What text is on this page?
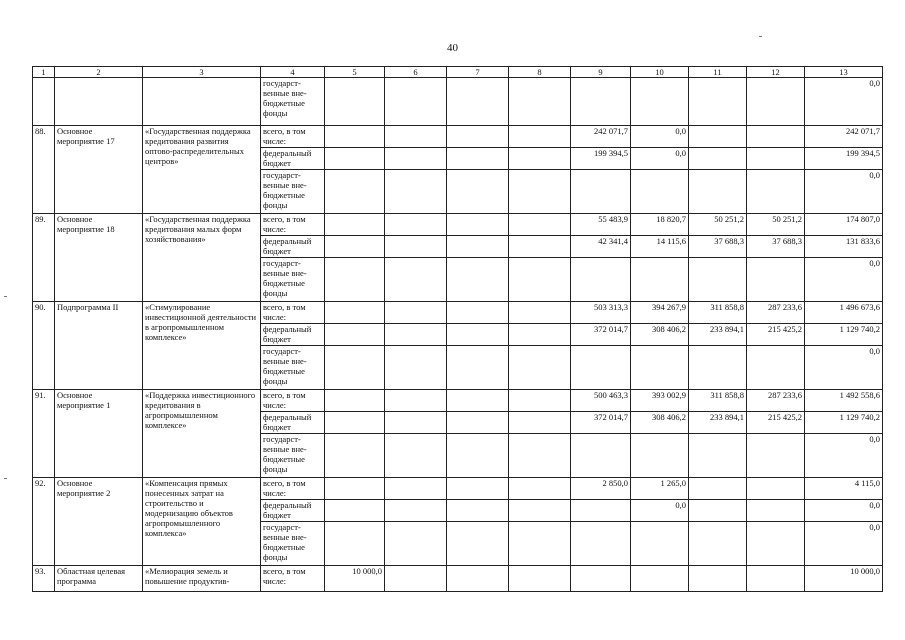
40
1	2	3	4	5	6	7	8	9	10	11	12	13
			государст-венные вне-бюджетные фонды									0,0
88.	Основное мероприятие 17	«Государственная поддержка кредитования развития оптово-распределительных центров»	всего, в том числе:					242 071,7	0,0			242 071,7
			федеральный бюджет					199 394,5	0,0			199 394,5
			государст-венные вне-бюджетные фонды									0,0
89.	Основное мероприятие 18	«Государственная поддержка кредитования малых форм хозяйствования»	всего, в том числе:					55 483,9	18 820,7	50 251,2	50 251,2	174 807,0
			федеральный бюджет					42 341,4	14 115,6	37 688,3	37 688,3	131 833,6
			государст-венные вне-бюджетные фонды									0,0
90.	Подпрограмма II	«Стимулирование инвестиционной деятельности в агропромышленном комплексе»	всего, в том числе:					503 313,3	394 267,9	311 858,8	287 233,6	1 496 673,6
			федеральный бюджет					372 014,7	308 406,2	233 894,1	215 425,2	1 129 740,2
			государст-венные вне-бюджетные фонды									0,0
91.	Основное мероприятие 1	«Поддержка инвестиционного кредитования в агропромышленном комплексе»	всего, в том числе:					500 463,3	393 002,9	311 858,8	287 233,6	1 492 558,6
			федеральный бюджет					372 014,7	308 406,2	233 894,1	215 425,2	1 129 740,2
			государст-венные вне-бюджетные фонды									0,0
92.	Основное мероприятие 2	«Компенсация прямых понесенных затрат на строительство и модернизацию объектов агропромышленного комплекса»	всего, в том числе:					2 850,0	1 265,0			4 115,0
			федеральный бюджет						0,0			0,0
			государст-венные вне-бюджетные фонды									0,0
93.	Областная целевая программа	«Мелиорация земель и повышение продуктив-	всего, в том числе:	10 000,0								10 000,0
